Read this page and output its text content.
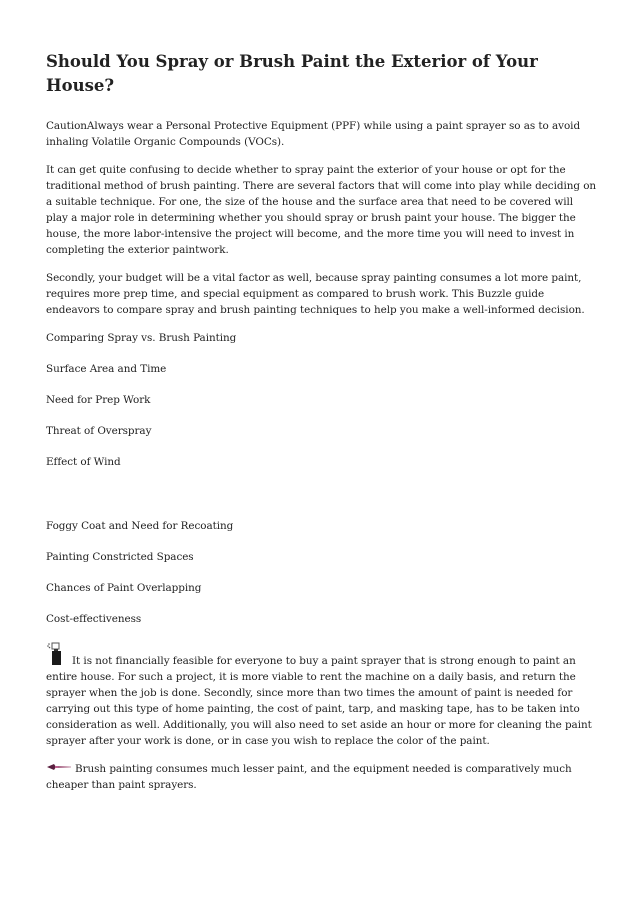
Should You Spray or Brush Paint the Exterior of Your House?

CautionAlways wear a Personal Protective Equipment (PPF) while using a paint sprayer so as to avoid inhaling Volatile Organic Compounds (VOCs).

It can get quite confusing to decide whether to spray paint the exterior of your house or opt for the traditional method of brush painting. There are several factors that will come into play while deciding on a suitable technique. For one, the size of the house and the surface area that need to be covered will play a major role in determining whether you should spray or brush paint your house. The bigger the house, the more labor-intensive the project will become, and the more time you will need to invest in completing the exterior paintwork.

Secondly, your budget will be a vital factor as well, because spray painting consumes a lot more paint, requires more prep time, and special equipment as compared to brush work. This Buzzle guide endeavors to compare spray and brush painting techniques to help you make a well-informed decision.

Comparing Spray vs. Brush Painting

Surface Area and Time

Need for Prep Work

Threat of Overspray

Effect of Wind

Foggy Coat and Need for Recoating

Painting Constricted Spaces

Chances of Paint Overlapping

Cost-effectiveness

It is not financially feasible for everyone to buy a paint sprayer that is strong enough to paint an entire house. For such a project, it is more viable to rent the machine on a daily basis, and return the sprayer when the job is done. Secondly, since more than two times the amount of paint is needed for carrying out this type of home painting, the cost of paint, tarp, and masking tape, has to be taken into consideration as well. Additionally, you will also need to set aside an hour or more for cleaning the paint sprayer after your work is done, or in case you wish to replace the color of the paint.

Brush painting consumes much lesser paint, and the equipment needed is comparatively much cheaper than paint sprayers.
